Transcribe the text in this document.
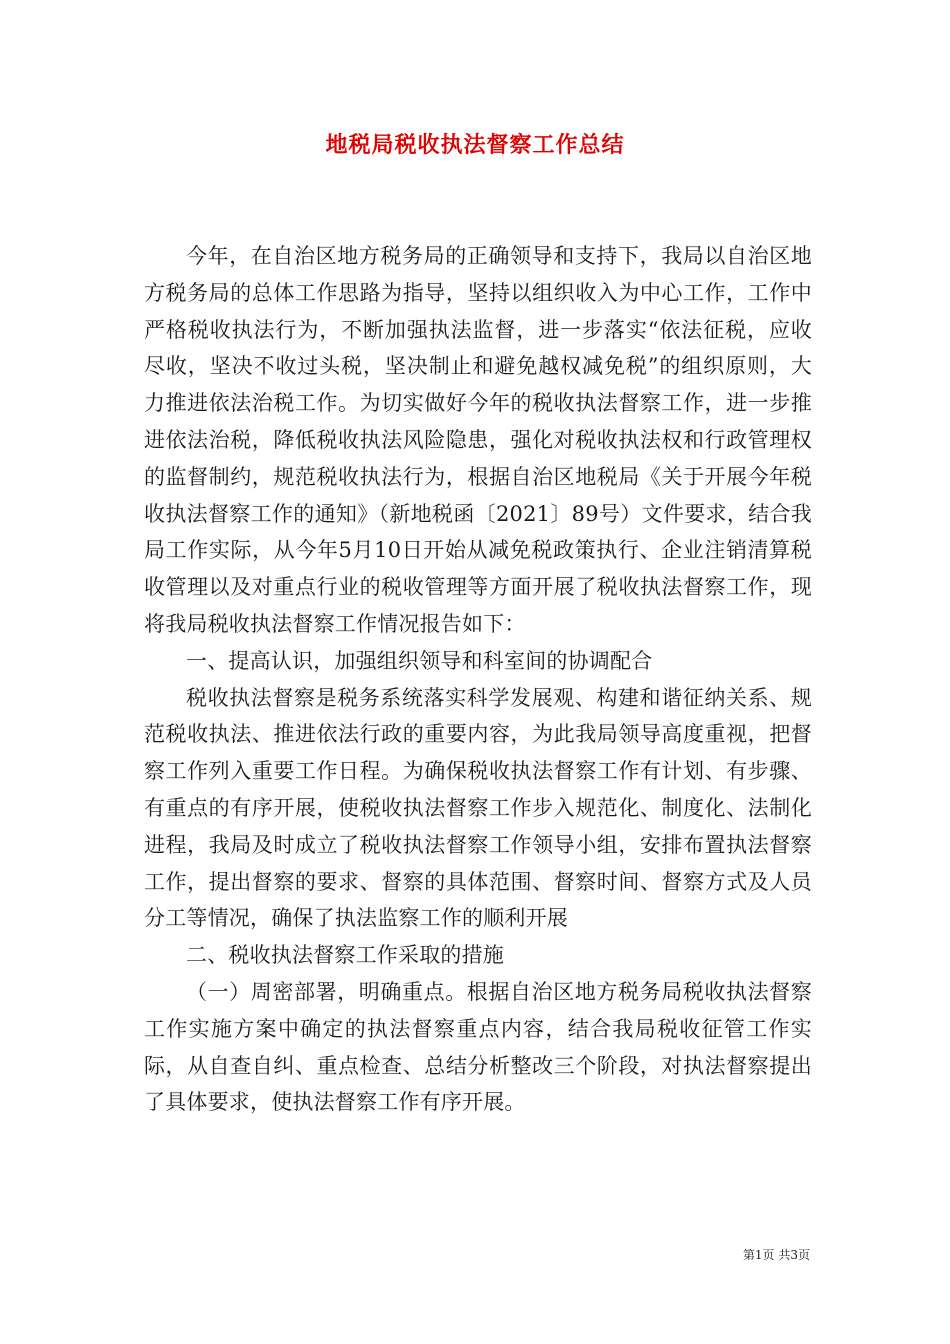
地税局税收执法督察工作总结

今年，在自治区地方税务局的正确领导和支持下，我局以自治区地方税务局的总体工作思路为指导，坚持以组织收入为中心工作，工作中严格税收执法行为，不断加强执法监督，进一步落实“依法征税，应收尽收，坚决不收过头税，坚决制止和避免越权减免税”的组织原则，大力推进依法治税工作。为切实做好今年的税收执法督察工作，进一步推进依法治税，降低税收执法风险隐患，强化对税收执法权和行政管理权的监督制约，规范税收执法行为，根据自治区地税局《关于开展今年税收执法督察工作的通知》（新地税函〔2021〕89号）文件要求，结合我局工作实际，从今年5月10日开始从减免税政策执行、企业注销清算税收管理以及对重点行业的税收管理等方面开展了税收执法督察工作，现将我局税收执法督察工作情况报告如下：

一、提高认识，加强组织领导和科室间的协调配合

税收执法督察是税务系统落实科学发展观、构建和谐征纳关系、规范税收执法、推进依法行政的重要内容，为此我局领导高度重视，把督察工作列入重要工作日程。为确保税收执法督察工作有计划、有步骤、有重点的有序开展，使税收执法督察工作步入规范化、制度化、法制化进程，我局及时成立了税收执法督察工作领导小组，安排布置执法督察工作，提出督察的要求、督察的具体范围、督察时间、督察方式及人员分工等情况，确保了执法监察工作的顺利开展

二、税收执法督察工作采取的措施

（一）周密部署，明确重点。根据自治区地方税务局税收执法督察工作实施方案中确定的执法督察重点内容，结合我局税收征管工作实际，从自查自纠、重点检查、总结分析整改三个阶段，对执法督察提出了具体要求，使执法督察工作有序开展。

第1页 共3页
